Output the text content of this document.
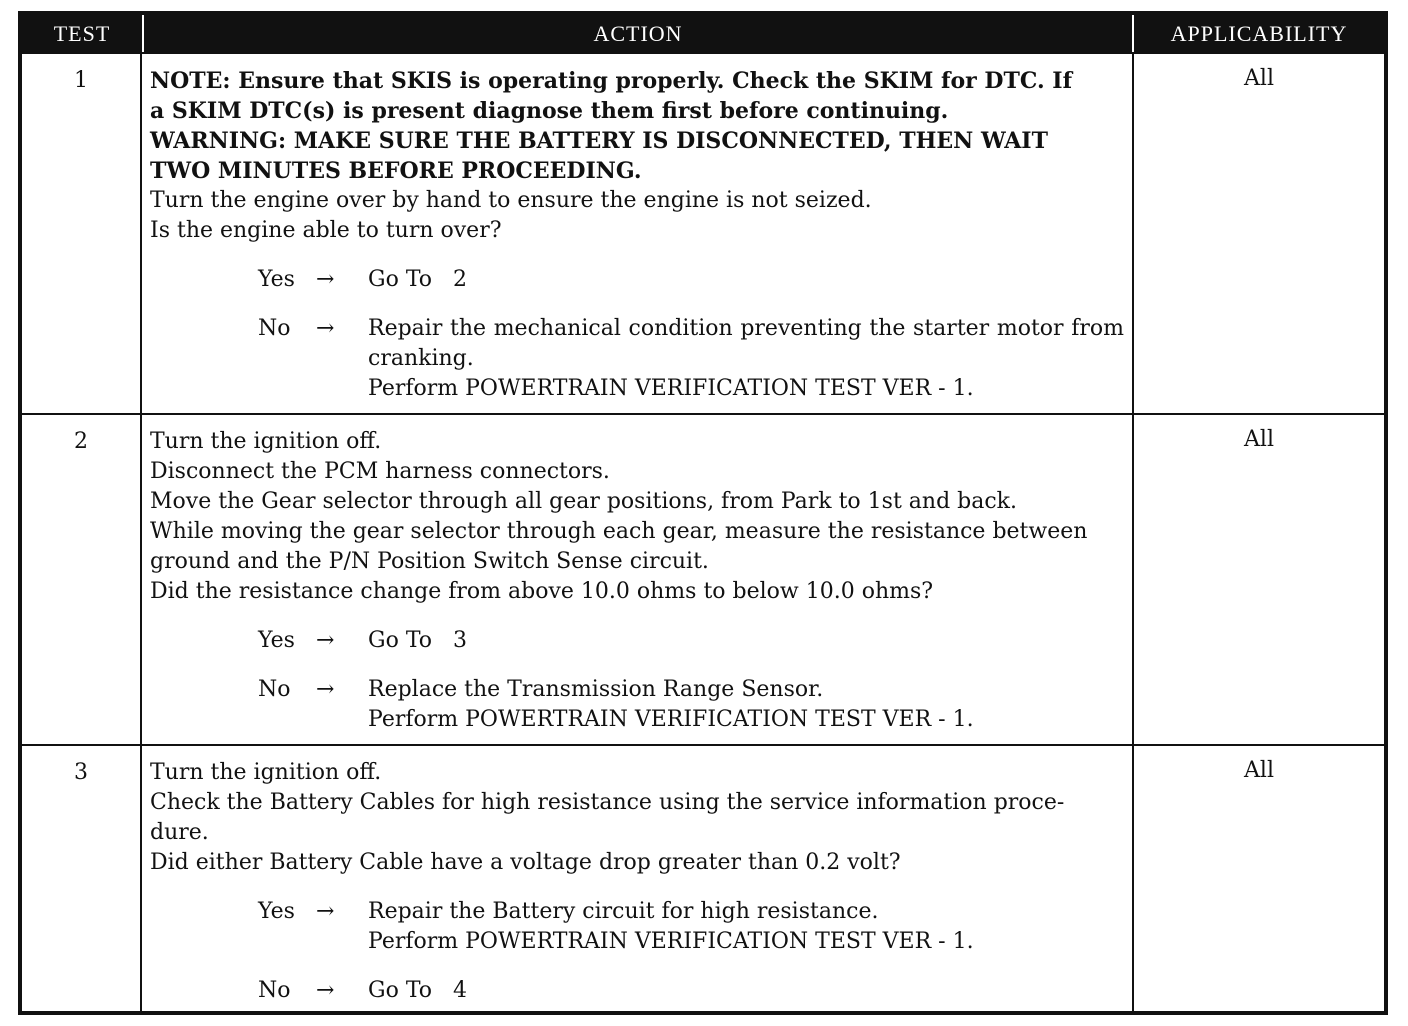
TEST	ACTION	APPLICABILITY
1	NOTE: Ensure that SKIS is operating properly. Check the SKIM for DTC. If
a SKIM DTC(s) is present diagnose them first before continuing.
WARNING: MAKE SURE THE BATTERY IS DISCONNECTED, THEN WAIT
TWO MINUTES BEFORE PROCEEDING.
Turn the engine over by hand to ensure the engine is not seized.
Is the engine able to turn over?
Yes →	Go To   2
No	→	Repair the mechanical condition preventing the starter motor from cranking.
Perform POWERTRAIN VERIFICATION TEST VER - 1.
All
2	Turn the ignition off.
Disconnect the PCM harness connectors.
Move the Gear selector through all gear positions, from Park to 1st and back.
While moving the gear selector through each gear, measure the resistance between
ground and the P/N Position Switch Sense circuit.
Did the resistance change from above 10.0 ohms to below 10.0 ohms?
Yes →	Go To   3
No	→	Replace the Transmission Range Sensor.
Perform POWERTRAIN VERIFICATION TEST VER - 1.
All
3	Turn the ignition off.
Check the Battery Cables for high resistance using the service information proce-
dure.
Did either Battery Cable have a voltage drop greater than 0.2 volt?
Yes →	Repair the Battery circuit for high resistance.
Perform POWERTRAIN VERIFICATION TEST VER - 1.
No	→	Go To   4
All
